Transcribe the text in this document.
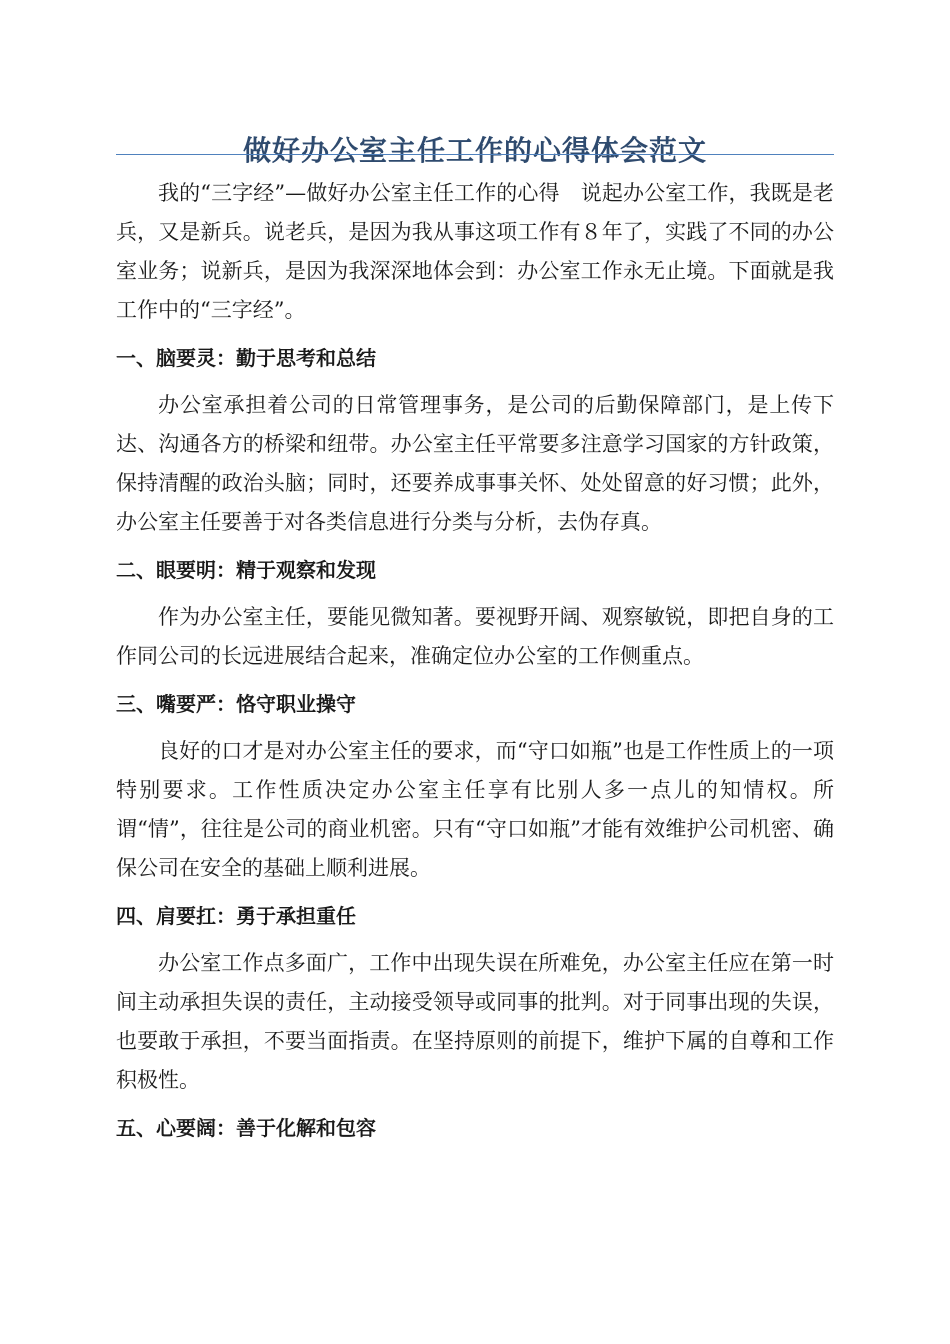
做好办公室主任工作的心得体会范文

我的“三字经”—做好办公室主任工作的心得　说起办公室工作，我既是老兵，又是新兵。说老兵，是因为我从事这项工作有８年了，实践了不同的办公室业务；说新兵，是因为我深深地体会到：办公室工作永无止境。下面就是我工作中的“三字经”。

一、脑要灵：勤于思考和总结

办公室承担着公司的日常管理事务，是公司的后勤保障部门，是上传下达、沟通各方的桥梁和纽带。办公室主任平常要多注意学习国家的方针政策，保持清醒的政治头脑；同时，还要养成事事关怀、处处留意的好习惯；此外，办公室主任要善于对各类信息进行分类与分析，去伪存真。

二、眼要明：精于观察和发现

作为办公室主任，要能见微知著。要视野开阔、观察敏锐，即把自身的工作同公司的长远进展结合起来，准确定位办公室的工作侧重点。

三、嘴要严：恪守职业操守

良好的口才是对办公室主任的要求，而“守口如瓶”也是工作性质上的一项特别要求。工作性质决定办公室主任享有比别人多一点儿的知情权。所谓“情”，往往是公司的商业机密。只有“守口如瓶”才能有效维护公司机密、确保公司在安全的基础上顺利进展。

四、肩要扛：勇于承担重任

办公室工作点多面广，工作中出现失误在所难免，办公室主任应在第一时间主动承担失误的责任，主动接受领导或同事的批判。对于同事出现的失误，也要敢于承担，不要当面指责。在坚持原则的前提下，维护下属的自尊和工作积极性。

五、心要阔：善于化解和包容
